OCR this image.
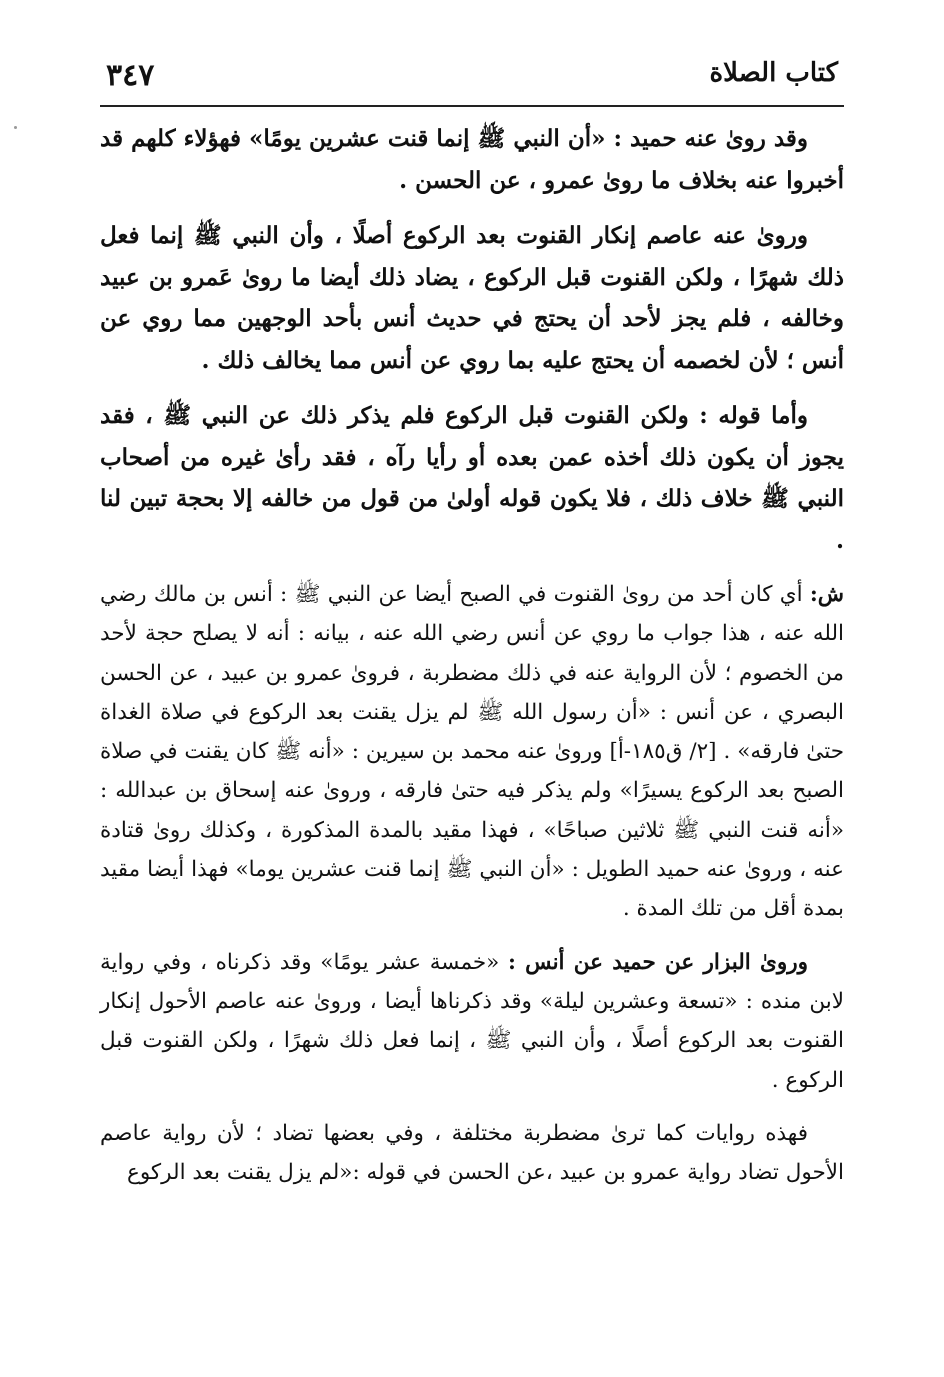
٣٤٧	كتاب الصلاة

وقد روىٰ عنه حميد : «أن النبي ﷺ إنما قنت عشرين يومًا» فهؤلاء كلهم قد أخبروا عنه بخلاف ما روىٰ عمرو ، عن الحسن .

وروىٰ عنه عاصم إنكار القنوت بعد الركوع أصلًا ، وأن النبي ﷺ إنما فعل ذلك شهرًا ، ولكن القنوت قبل الركوع ، يضاد ذلك أيضا ما روىٰ عَمرو بن عبيد وخالفه ، فلم يجز لأحد أن يحتج في حديث أنس بأحد الوجهين مما روي عن أنس ؛ لأن لخصمه أن يحتج عليه بما روي عن أنس مما يخالف ذلك .

وأما قوله : ولكن القنوت قبل الركوع فلم يذكر ذلك عن النبي ﷺ ، فقد يجوز أن يكون ذلك أخذه عمن بعده أو رأيا رآه ، فقد رأىٰ غيره من أصحاب النبي ﷺ خلاف ذلك ، فلا يكون قوله أولىٰ من قول من خالفه إلا بحجة تبين لنا .

ش: أي كان أحد من روىٰ القنوت في الصبح أيضا عن النبي ﷺ : أنس بن مالك رضي الله عنه ، هذا جواب ما روي عن أنس رضي الله عنه ، بيانه : أنه لا يصلح حجة لأحد من الخصوم ؛ لأن الرواية عنه في ذلك مضطربة ، فروىٰ عمرو بن عبيد ، عن الحسن البصري ، عن أنس : «أن رسول الله ﷺ لم يزل يقنت بعد الركوع في صلاة الغداة حتىٰ فارقه» . [٢/ ق١٨٥-أ] وروىٰ عنه محمد بن سيرين : «أنه ﷺ كان يقنت في صلاة الصبح بعد الركوع يسيرًا» ولم يذكر فيه حتىٰ فارقه ، وروىٰ عنه إسحاق بن عبدالله : «أنه قنت النبي ﷺ ثلاثين صباحًا» ، فهذا مقيد بالمدة المذكورة ، وكذلك روىٰ قتادة عنه ، وروىٰ عنه حميد الطويل : «أن النبي ﷺ إنما قنت عشرين يوما» فهذا أيضا مقيد بمدة أقل من تلك المدة .

وروىٰ البزار عن حميد عن أنس : «خمسة عشر يومًا» وقد ذكرناه ، وفي رواية لابن منده : «تسعة وعشرين ليلة» وقد ذكرناها أيضا ، وروىٰ عنه عاصم الأحول إنكار القنوت بعد الركوع أصلًا ، وأن النبي ﷺ ، إنما فعل ذلك شهرًا ، ولكن القنوت قبل الركوع .

فهذه روايات كما ترىٰ مضطربة مختلفة ، وفي بعضها تضاد ؛ لأن رواية عاصم الأحول تضاد رواية عمرو بن عبيد ،عن الحسن في قوله :«لم يزل يقنت بعد الركوع
